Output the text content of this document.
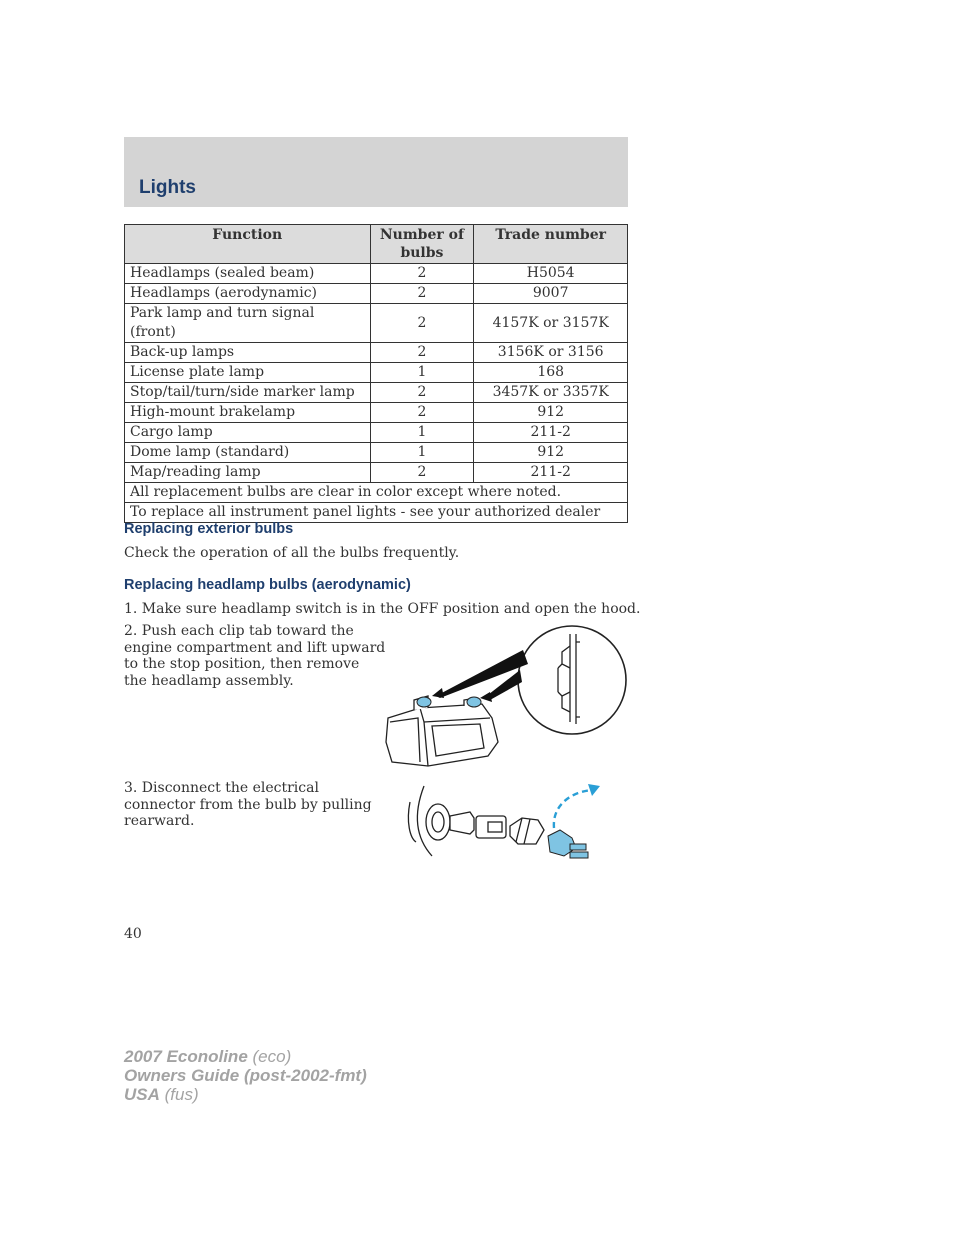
Lights
Function	Number of bulbs	Trade number
Headlamps (sealed beam)	2	H5054
Headlamps (aerodynamic)	2	9007
Park lamp and turn signal (front)	2	4157K or 3157K
Back-up lamps	2	3156K or 3156
License plate lamp	1	168
Stop/tail/turn/side marker lamp	2	3457K or 3357K
High-mount brakelamp	2	912
Cargo lamp	1	211-2
Dome lamp (standard)	1	912
Map/reading lamp	2	211-2
All replacement bulbs are clear in color except where noted.		
To replace all instrument panel lights - see your authorized dealer		
Replacing exterior bulbs
Check the operation of all the bulbs frequently.
Replacing headlamp bulbs (aerodynamic)
1. Make sure headlamp switch is in the OFF position and open the hood.
2. Push each clip tab toward the
engine compartment and lift upward
to the stop position, then remove
the headlamp assembly.
3. Disconnect the electrical
connector from the bulb by pulling
rearward.
40
2007 Econoline (eco)
Owners Guide (post-2002-fmt)
USA (fus)
